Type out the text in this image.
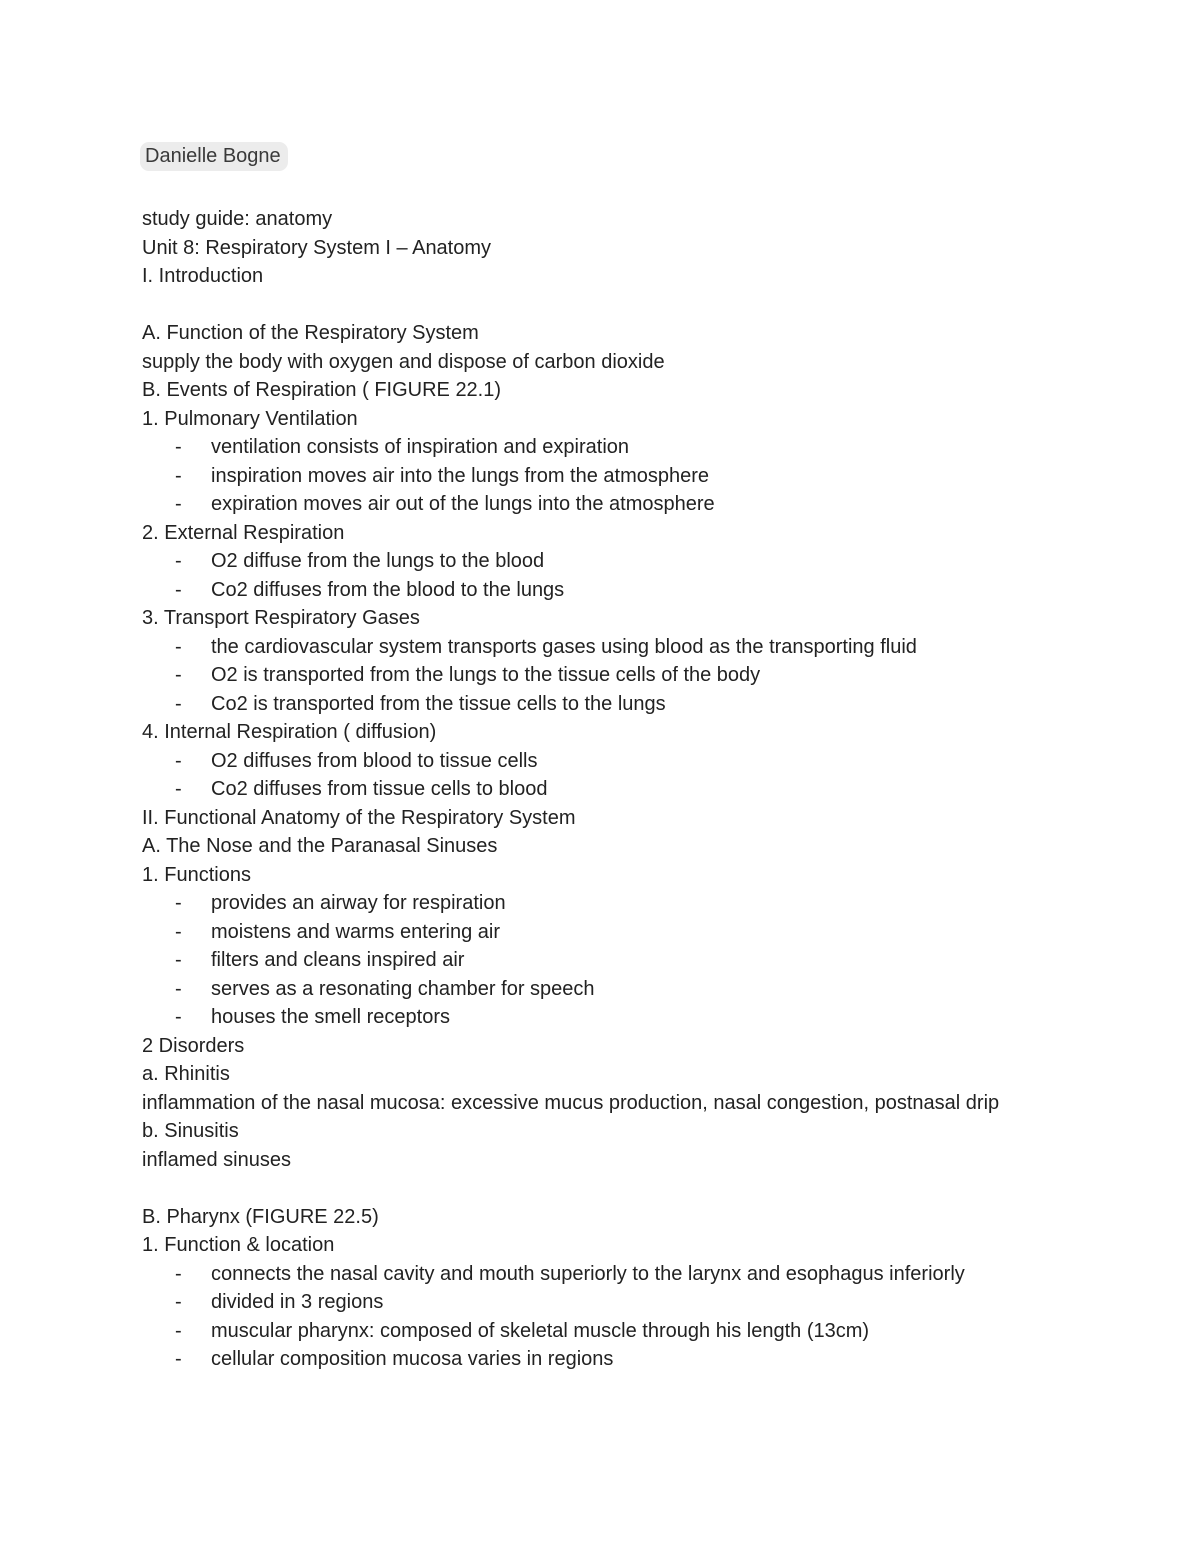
Danielle Bogne
study guide: anatomy
Unit 8: Respiratory System I – Anatomy
I. Introduction
A. Function of the Respiratory System
supply the body with oxygen and dispose of carbon dioxide
B. Events of Respiration ( FIGURE 22.1)
1. Pulmonary Ventilation
- ventilation consists of inspiration and expiration
- inspiration moves air into the lungs from the atmosphere
- expiration moves air out of the lungs into the atmosphere
2. External Respiration
- O2 diffuse from the lungs to the blood
- Co2 diffuses from the blood to the lungs
3. Transport Respiratory Gases
- the cardiovascular system transports gases using blood as the transporting fluid
- O2 is transported from the lungs to the tissue cells of the body
- Co2 is transported from the tissue cells to the lungs
4. Internal Respiration ( diffusion)
- O2 diffuses from blood to tissue cells
- Co2 diffuses from tissue cells to blood
II. Functional Anatomy of the Respiratory System
A. The Nose and the Paranasal Sinuses
1. Functions
- provides an airway for respiration
- moistens and warms entering air
- filters and cleans inspired air
- serves as a resonating chamber for speech
- houses the smell receptors
2 Disorders
a. Rhinitis
inflammation of the nasal mucosa: excessive mucus production, nasal congestion, postnasal drip
b. Sinusitis
inflamed sinuses
B. Pharynx (FIGURE 22.5)
1. Function & location
- connects the nasal cavity and mouth superiorly to the larynx and esophagus inferiorly
- divided in 3 regions
- muscular pharynx: composed of skeletal muscle through his length (13cm)
- cellular composition mucosa varies in regions
